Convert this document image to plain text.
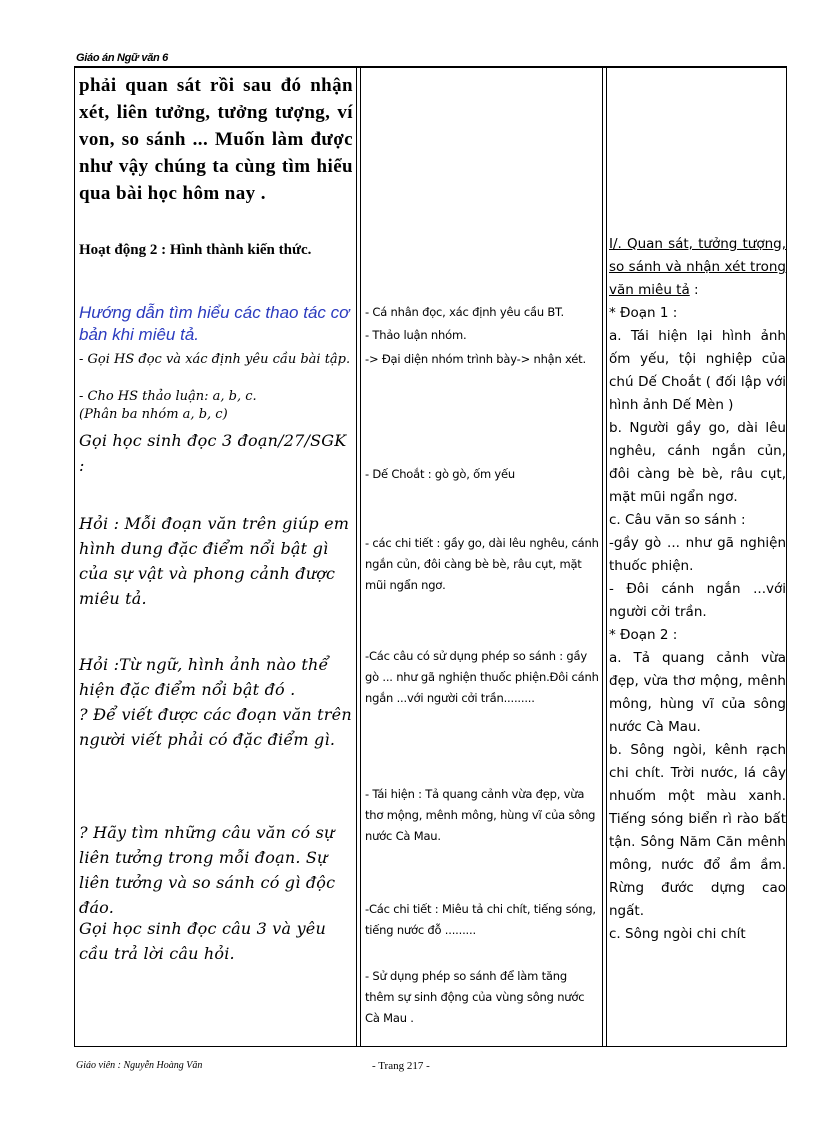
Giáo án Ngữ văn 6
phải quan sát rồi sau đó nhận xét, liên tưởng, tưởng tượng, ví von, so sánh ... Muốn làm được như vậy chúng ta cùng tìm hiểu qua bài học hôm nay .
Hoạt động 2 : Hình thành kiến thức.
Hướng dẫn tìm hiểu các thao tác cơ bản khi miêu tả.
- Gọi HS đọc và xác định yêu cầu bài tập.
- Cho HS thảo luận: a, b, c.
(Phân ba nhóm a, b, c)
Gọi học sinh đọc 3 đoạn/27/SGK :
Hỏi : Mỗi đoạn văn trên giúp em hình dung đặc điểm nổi bật gì của sự vật và phong cảnh được miêu tả.
Hỏi :Từ ngữ, hình ảnh nào thể hiện đặc điểm nổi bật đó .
? Để viết được các đoạn văn trên người viết phải có đặc điểm gì.
? Hãy tìm những câu văn có sự liên tưởng trong mỗi đoạn. Sự liên tưởng và so sánh có gì độc đáo.
Gọi học sinh đọc câu 3 và yêu cầu trả lời câu hỏi.
- Cá nhân đọc, xác định yêu cầu BT.
- Thảo luận nhóm.
-> Đại diện nhóm trình bày-> nhận xét.
- Dế Choắt : gò gò, ốm yếu
- các chi tiết : gầy go, dài lêu nghêu, cánh ngắn củn, đôi càng bè bè, râu cụt, mặt mũi ngẩn ngơ.
-Các câu có sử dụng phép so sánh : gầy gò ... như gã nghiện thuốc phiện.Đôi cánh ngắn ...với người cởi trần.........
- Tái hiện : Tả quang cảnh vừa đẹp, vừa thơ mộng, mênh mông, hùng vĩ của sông nước Cà Mau.
-Các chi tiết : Miêu tả chi chít, tiếng sóng, tiếng nước đỗ .........
- Sử dụng phép so sánh để làm tăng thêm sự sinh động của vùng sông nước Cà Mau .

I/. Quan sát, tưởng tượng, so sánh và nhận xét trong văn miêu tả :

* Đoạn 1 :

a. Tái hiện lại hình ảnh ốm yếu, tội nghiệp của chú Dế Choắt ( đối lập với hình ảnh Dế Mèn )

b. Người gầy go, dài lêu nghêu, cánh ngắn củn, đôi càng bè bè, râu cụt, mặt mũi ngẩn ngơ.

c. Câu văn so sánh :

-gầy gò ... như gã nghiện thuốc phiện.

- Đôi cánh ngắn ...với người cởi trần.

* Đoạn 2 :

a. Tả quang cảnh vừa đẹp, vừa thơ mộng, mênh mông, hùng vĩ của sông nước Cà Mau.

b. Sông ngòi, kênh rạch chi chít. Trời nước, lá cây nhuốm một màu xanh. Tiếng sóng biển rì rào bất tận. Sông Năm Căn mênh mông, nước đổ ầm ầm. Rừng đước dựng cao ngất.

c. Sông ngòi chi chít

Giáo viên : Nguyễn Hoàng Văn	- Trang 217 -
